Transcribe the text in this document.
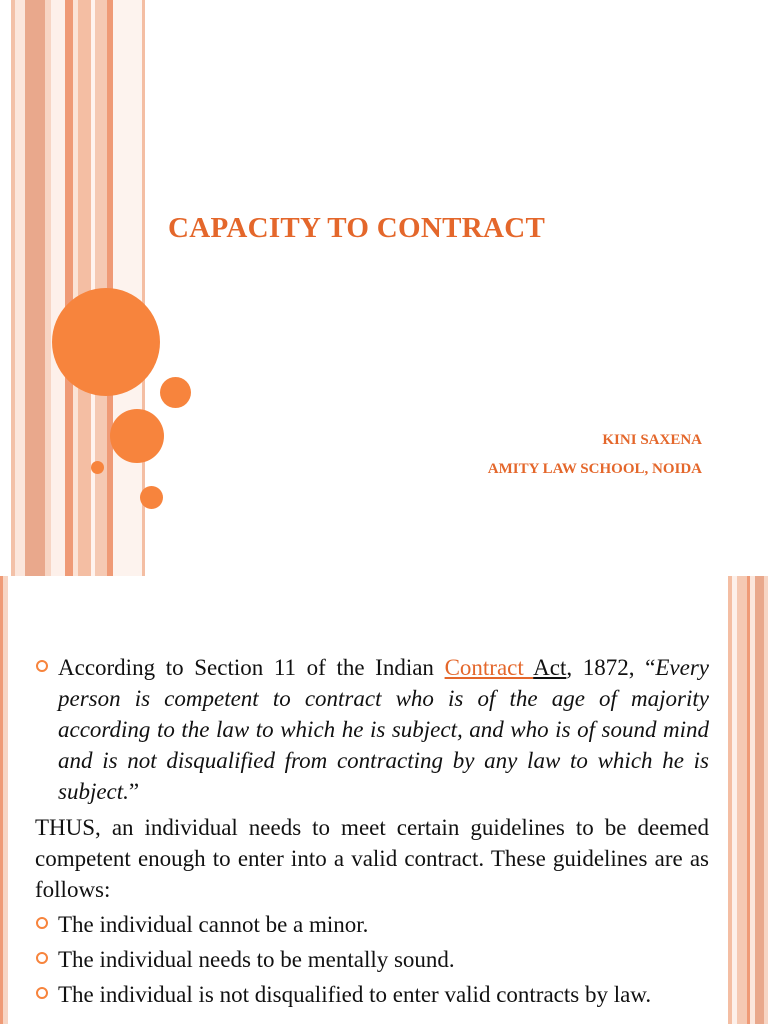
CAPACITY TO CONTRACT
KINI SAXENA
AMITY LAW SCHOOL, NOIDA
According to Section 11 of the Indian Contract Act, 1872, “Every person is competent to contract who is of the age of majority according to the law to which he is subject, and who is of sound mind and is not disqualified from contracting by any law to which he is subject.”
THUS, an individual needs to meet certain guidelines to be deemed competent enough to enter into a valid contract. These guidelines are as follows:
The individual cannot be a minor.
The individual needs to be mentally sound.
The individual is not disqualified to enter valid contracts by law.
